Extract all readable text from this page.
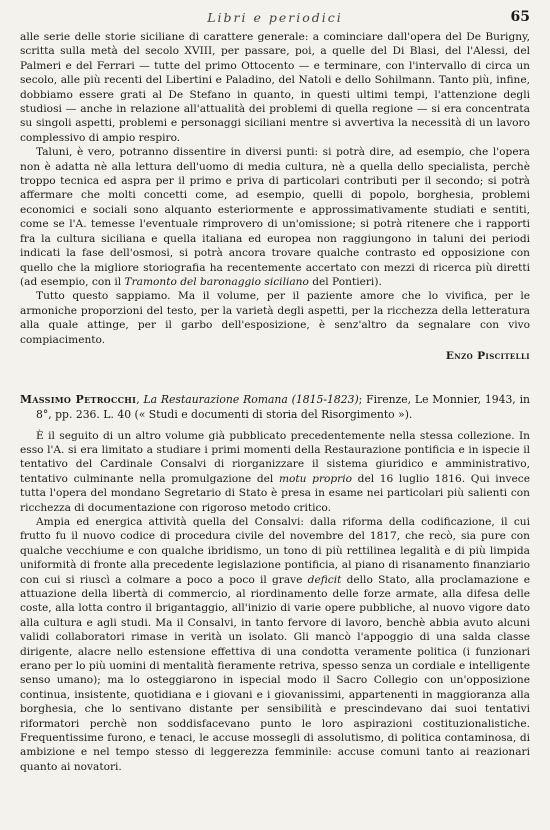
Libri e periodici	65

alle serie delle storie siciliane di carattere generale: a cominciare dall'opera del De Burigny, scritta sulla metà del secolo XVIII, per passare, poi, a quelle del Di Blasi, del l'Alessi, del Palmeri e del Ferrari — tutte del primo Ottocento — e terminare, con l'intervallo di circa un secolo, alle più recenti del Libertini e Paladino, del Natoli e dello Sohilmann. Tanto più, infine, dobbiamo essere grati al De Stefano in quanto, in questi ultimi tempi, l'attenzione degli studiosi — anche in relazione all'attualità dei problemi di quella regione — si era concentrata su singoli aspetti, problemi e personaggi siciliani mentre si avvertiva la necessità di un lavoro complessivo di ampio respiro.

Taluni, è vero, potranno dissentire in diversi punti: si potrà dire, ad esempio, che l'opera non è adatta nè alla lettura dell'uomo di media cultura, nè a quella dello specialista, perchè troppo tecnica ed aspra per il primo e priva di particolari contributi per il secondo; si potrà affermare che molti concetti come, ad esempio, quelli di popolo, borghesia, problemi economici e sociali sono alquanto esteriormente e approssimativamente studiati e sentiti, come se l'A. temesse l'eventuale rimprovero di un'omissione; si potrà ritenere che i rapporti fra la cultura siciliana e quella italiana ed europea non raggiungono in taluni dei periodi indicati la fase dell'osmosi, si potrà ancora trovare qualche contrasto ed opposizione con quello che la migliore storiografia ha recentemente accertato con mezzi di ricerca più diretti (ad esempio, con il Tramonto del baronaggio siciliano del Pontieri).

Tutto questo sappiamo. Ma il volume, per il paziente amore che lo vivifica, per le armoniche proporzioni del testo, per la varietà degli aspetti, per la ricchezza della letteratura alla quale attinge, per il garbo dell'esposizione, è senz'altro da segnalare con vivo compiacimento.

Enzo Piscitelli
Massimo Petrocchi, La Restaurazione Romana (1815-1823); Firenze, Le Monnier, 1943, in 8°, pp. 236. L. 40 (« Studi e documenti di storia del Risorgimento »).

È il seguito di un altro volume già pubblicato precedentemente nella stessa collezione. In esso l'A. si era limitato a studiare i primi momenti della Restaurazione pontificia e in ispecie il tentativo del Cardinale Consalvi di riorganizzare il sistema giuridico e amministrativo, tentativo culminante nella promulgazione del motu proprio del 16 luglio 1816. Qui invece tutta l'opera del mondano Segretario di Stato è presa in esame nei particolari più salienti con ricchezza di documentazione con rigoroso metodo critico.

Ampia ed energica attività quella del Consalvi: dalla riforma della codificazione, il cui frutto fu il nuovo codice di procedura civile del novembre del 1817, che recò, sia pure con qualche vecchiume e con qualche ibridismo, un tono di più rettilinea legalità e di più limpida uniformità di fronte alla precedente legislazione pontificia, al piano di risanamento finanziario con cui si riuscì a colmare a poco a poco il grave deficit dello Stato, alla proclamazione e attuazione della libertà di commercio, al riordinamento delle forze armate, alla difesa delle coste, alla lotta contro il brigantaggio, all'inizio di varie opere pubbliche, al nuovo vigore dato alla cultura e agli studi. Ma il Consalvi, in tanto fervore di lavoro, benchè abbia avuto alcuni validi collaboratori rimase in verità un isolato. Gli mancò l'appoggio di una salda classe dirigente, alacre nello estensione effettiva di una condotta veramente politica (i funzionari erano per lo più uomini di mentalità fieramente retriva, spesso senza un cordiale e intelligente senso umano); ma lo osteggiarono in ispecial modo il Sacro Collegio con un'opposizione continua, insistente, quotidiana e i giovani e i giovanissimi, appartenenti in maggioranza alla borghesia, che lo sentivano distante per sensibilità e prescindevano dai suoi tentativi riformatori perchè non soddisfacevano punto le loro aspirazioni costituzionalistiche. Frequentissime furono, e tenaci, le accuse mossegli di assolutismo, di politica contaminosa, di ambizione e nel tempo stesso di leggerezza femminile: accuse comuni tanto ai reazionari quanto ai novatori.
